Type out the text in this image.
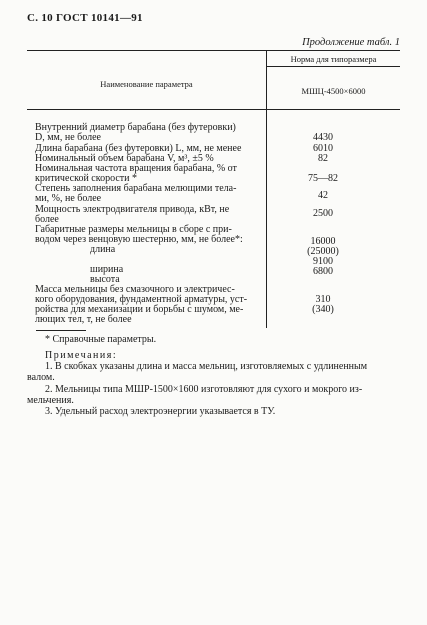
С. 10 ГОСТ 10141—91
Продолжение табл. 1
Наименование параметра
Норма для типоразмера
МШЦ-4500×6000
Внутренний диаметр барабана (без футеровки)
D, мм, не более
Длина барабана (без футеровки) L, мм, не менее
Номинальный объем барабана V, м³, ±5 %
Номинальная частота вращения барабана, % от
критической скорости *
Степень заполнения барабана мелющими тела-
ми, %, не более
Мощность электродвигателя привода, кВт, не
более
Габаритные размеры мельницы в сборе с при-
водом через венцовую шестерню, мм, не более*:
длина
ширина
высота
Масса мельницы без смазочного и электричес-
кого оборудования, фундаментной арматуры, уст-
ройства для механизации и борьбы с шумом, ме-
лющих тел, т, не более
4430
6010
82
75—82
42
2500
16000
(25000)
9100
6800
310
(340)
* Справочные параметры.
Примечания:
1. В скобках указаны длина и масса мельниц, изготовляемых с удлиненным
валом.
2. Мельницы типа МШР-1500×1600 изготовляют для сухого и мокрого из-
мельчения.
3. Удельный расход электроэнергии указывается в ТУ.
